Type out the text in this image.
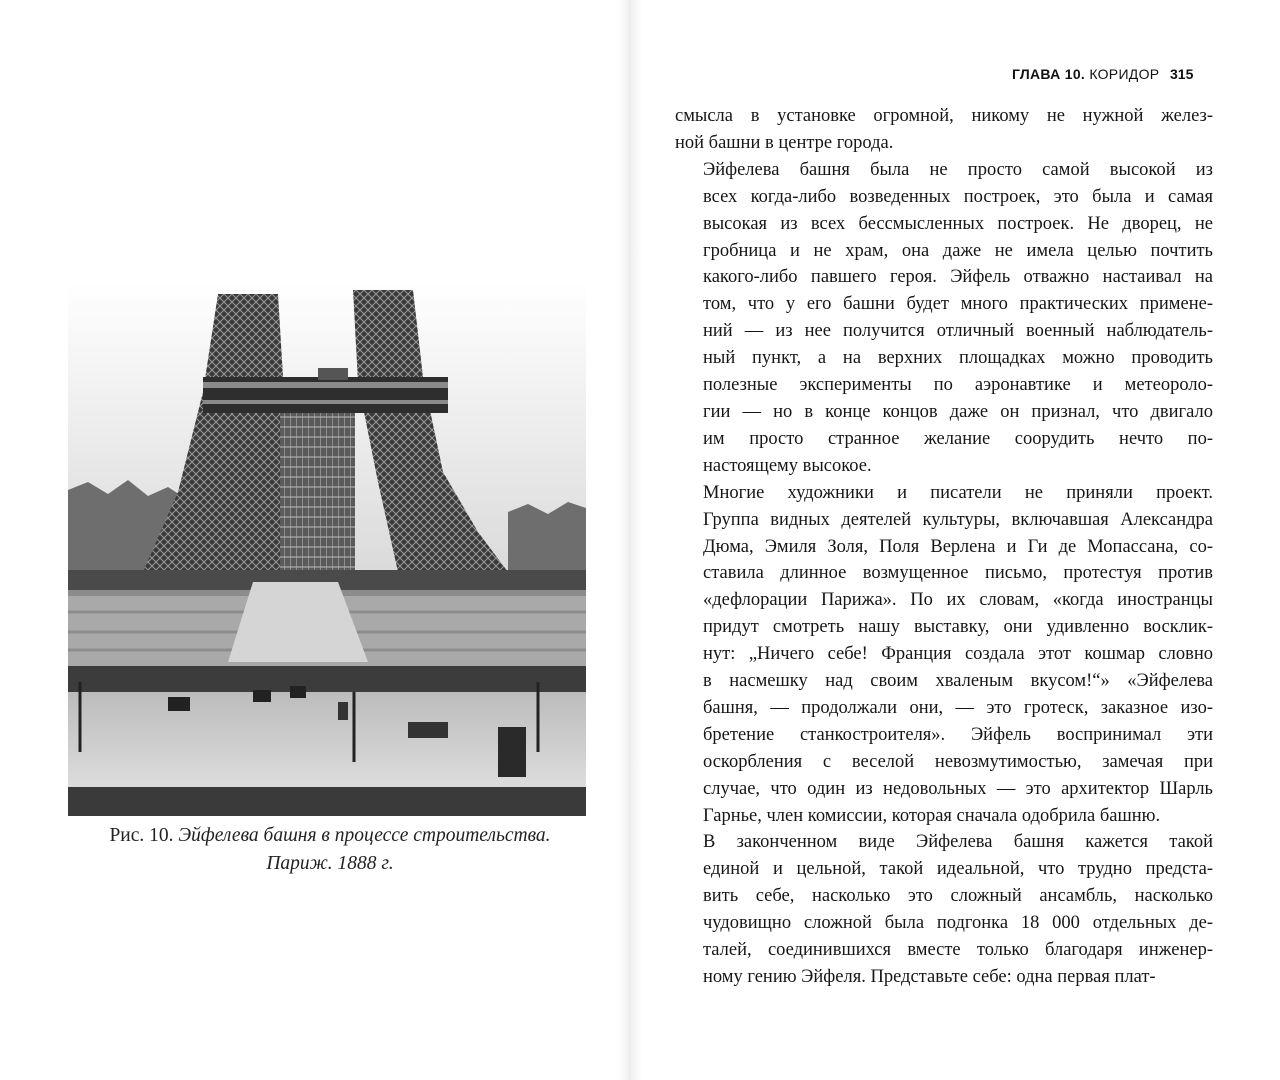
Рис. 10. Эйфелева башня в процессе строительства.
Париж. 1888 г.
ГЛАВА 10. КОРИДОР 315

смысла в установке огромной, никому не нужной желез-
ной башни в центре города.

Эйфелева башня была не просто самой высокой из
всех когда-либо возведенных построек, это была и самая
высокая из всех бессмысленных построек. Не дворец, не
гробница и не храм, она даже не имела целью почтить
какого-либо павшего героя. Эйфель отважно настаивал на
том, что у его башни будет много практических примене-
ний — из нее получится отличный военный наблюдатель-
ный пункт, а на верхних площадках можно проводить
полезные эксперименты по аэронавтике и метеороло-
гии — но в конце концов даже он признал, что двигало
им просто странное желание соорудить нечто по-
настоящему высокое.

Многие художники и писатели не приняли проект.
Группа видных деятелей культуры, включавшая Александра
Дюма, Эмиля Золя, Поля Верлена и Ги де Мопассана, со-
ставила длинное возмущенное письмо, протестуя против
«дефлорации Парижа». По их словам, «когда иностранцы
придут смотреть нашу выставку, они удивленно восклик-
нут: „Ничего себе! Франция создала этот кошмар словно
в насмешку над своим хваленым вкусом!“» «Эйфелева
башня, — продолжали они, — это гротеск, заказное изо-
бретение станкостроителя». Эйфель воспринимал эти
оскорбления с веселой невозмутимостью, замечая при
случае, что один из недовольных — это архитектор Шарль
Гарнье, член комиссии, которая сначала одобрила башню.

В законченном виде Эйфелева башня кажется такой
единой и цельной, такой идеальной, что трудно предста-
вить себе, насколько это сложный ансамбль, насколько
чудовищно сложной была подгонка 18 000 отдельных де-
талей, соединившихся вместе только благодаря инженер-
ному гению Эйфеля. Представьте себе: одна первая плат-
